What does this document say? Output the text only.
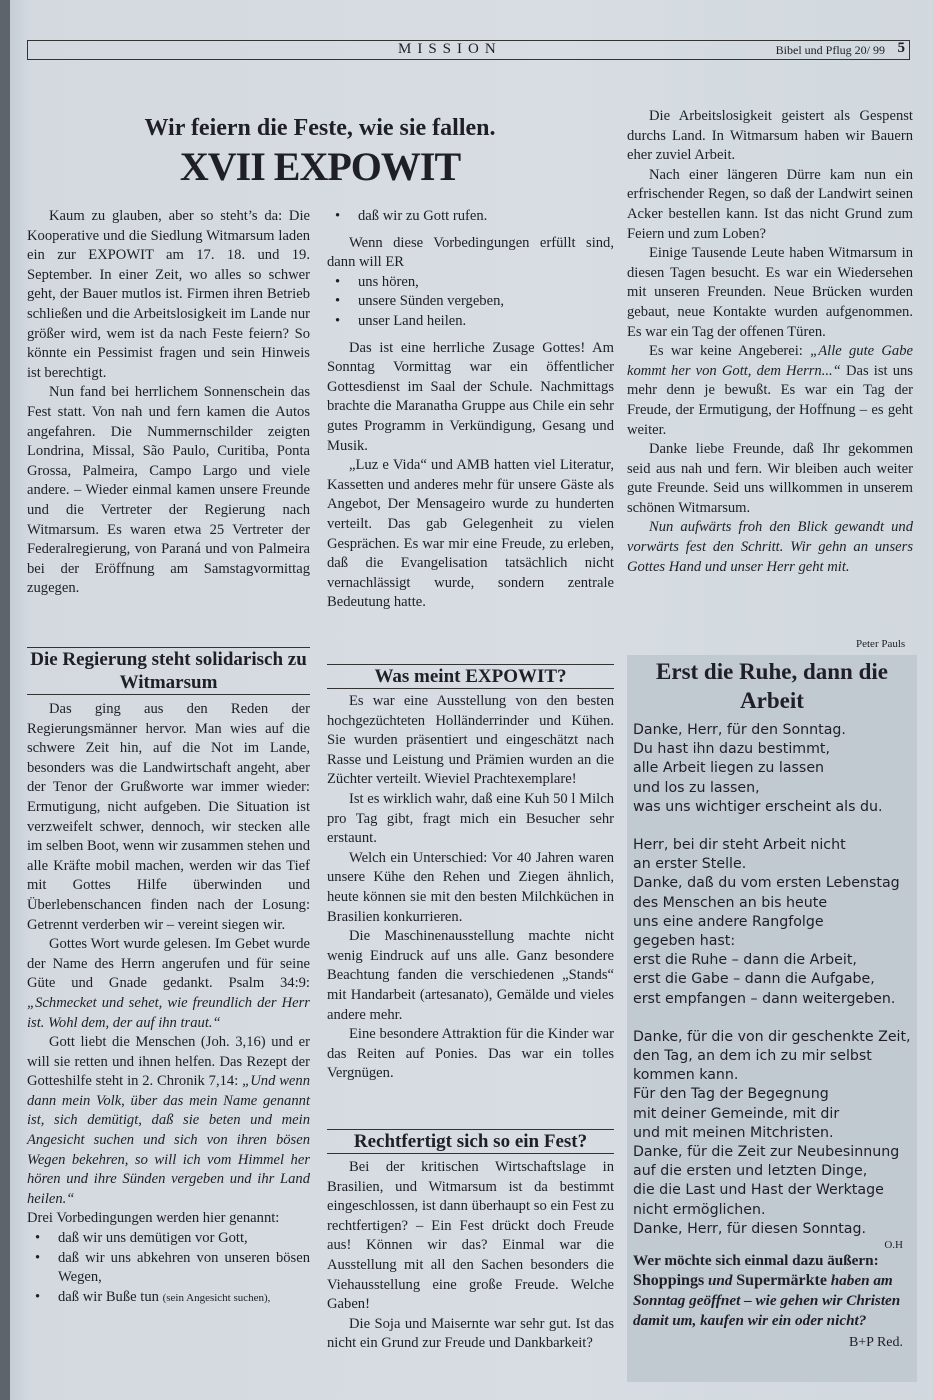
MISSION	Bibel und Pflug 20/ 99 5
Wir feiern die Feste, wie sie fallen.
XVII EXPOWIT

Kaum zu glauben, aber so steht’s da: Die Kooperative und die Siedlung Witmarsum laden ein zur EXPOWIT am 17. 18. und 19. September. In einer Zeit, wo alles so schwer geht, der Bauer mutlos ist. Firmen ihren Betrieb schließen und die Arbeitslosigkeit im Lande nur größer wird, wem ist da nach Feste feiern? So könnte ein Pessimist fragen und sein Hinweis ist berechtigt.

Nun fand bei herrlichem Sonnenschein das Fest statt. Von nah und fern kamen die Autos angefahren. Die Nummernschilder zeigten Londrina, Missal, São Paulo, Curitiba, Ponta Grossa, Palmeira, Campo Largo und viele andere. – Wieder einmal kamen unsere Freunde und die Vertreter der Regierung nach Witmarsum. Es waren etwa 25 Vertreter der Federalregierung, von Paraná und von Palmeira bei der Eröffnung am Samstagvormittag zugegen.

Die Regierung steht solidarisch zu Witmarsum

Das ging aus den Reden der Regierungsmänner hervor. Man wies auf die schwere Zeit hin, auf die Not im Lande, besonders was die Landwirtschaft angeht, aber der Tenor der Grußworte war immer wieder: Ermutigung, nicht aufgeben. Die Situation ist verzweifelt schwer, dennoch, wir stecken alle im selben Boot, wenn wir zusammen stehen und alle Kräfte mobil machen, werden wir das Tief mit Gottes Hilfe überwinden und Überlebenschancen finden nach der Losung: Getrennt verderben wir – vereint siegen wir.

Gottes Wort wurde gelesen. Im Gebet wurde der Name des Herrn angerufen und für seine Güte und Gnade gedankt. Psalm 34:9: „Schmecket und sehet, wie freundlich der Herr ist. Wohl dem, der auf ihn traut.“

Gott liebt die Menschen (Joh. 3,16) und er will sie retten und ihnen helfen. Das Rezept der Gotteshilfe steht in 2. Chronik 7,14: „Und wenn dann mein Volk, über das mein Name genannt ist, sich demütigt, daß sie beten und mein Angesicht suchen und sich von ihren bösen Wegen bekehren, so will ich vom Himmel her hören und ihre Sünden vergeben und ihr Land heilen.“

Drei Vorbedingungen werden hier genannt:

• daß wir uns demütigen vor Gott,
• daß wir uns abkehren von unseren bösen Wegen,
• daß wir Buße tun (sein Angesicht suchen),
• daß wir zu Gott rufen.

Wenn diese Vorbedingungen erfüllt sind, dann will ER

• uns hören,
• unsere Sünden vergeben,
• unser Land heilen.

Das ist eine herrliche Zusage Gottes! Am Sonntag Vormittag war ein öffentlicher Gottesdienst im Saal der Schule. Nachmittags brachte die Maranatha Gruppe aus Chile ein sehr gutes Programm in Verkündigung, Gesang und Musik.

„Luz e Vida“ und AMB hatten viel Literatur, Kassetten und anderes mehr für unsere Gäste als Angebot, Der Mensageiro wurde zu hunderten verteilt. Das gab Gelegenheit zu vielen Gesprächen. Es war mir eine Freude, zu erleben, daß die Evangelisation tatsächlich nicht vernachlässigt wurde, sondern zentrale Bedeutung hatte.

Was meint EXPOWIT?

Es war eine Ausstellung von den besten hochgezüchteten Holländerrinder und Kühen. Sie wurden präsentiert und eingeschätzt nach Rasse und Leistung und Prämien wurden an die Züchter verteilt. Wieviel Prachtexemplare!

Ist es wirklich wahr, daß eine Kuh 50 l Milch pro Tag gibt, fragt mich ein Besucher sehr erstaunt.

Welch ein Unterschied: Vor 40 Jahren waren unsere Kühe den Rehen und Ziegen ähnlich, heute können sie mit den besten Milchküchen in Brasilien konkurrieren.

Die Maschinenausstellung machte nicht wenig Eindruck auf uns alle. Ganz besondere Beachtung fanden die verschiedenen „Stands“ mit Handarbeit (artesanato), Gemälde und vieles andere mehr.

Eine besondere Attraktion für die Kinder war das Reiten auf Ponies. Das war ein tolles Vergnügen.

Rechtfertigt sich so ein Fest?

Bei der kritischen Wirtschaftslage in Brasilien, und Witmarsum ist da bestimmt eingeschlossen, ist dann überhaupt so ein Fest zu rechtfertigen? – Ein Fest drückt doch Freude aus! Können wir das? Einmal war die Ausstellung mit all den Sachen besonders die Viehausstellung eine große Freude. Welche Gaben!

Die Soja und Maisernte war sehr gut. Ist das nicht ein Grund zur Freude und Dankbarkeit?

Die Arbeitslosigkeit geistert als Gespenst durchs Land. In Witmarsum haben wir Bauern eher zuviel Arbeit.

Nach einer längeren Dürre kam nun ein erfrischender Regen, so daß der Landwirt seinen Acker bestellen kann. Ist das nicht Grund zum Feiern und zum Loben?

Einige Tausende Leute haben Witmarsum in diesen Tagen besucht. Es war ein Wiedersehen mit unseren Freunden. Neue Brücken wurden gebaut, neue Kontakte wurden aufgenommen. Es war ein Tag der offenen Türen.

Es war keine Angeberei: „Alle gute Gabe kommt her von Gott, dem Herrn...“ Das ist uns mehr denn je bewußt. Es war ein Tag der Freude, der Ermutigung, der Hoffnung – es geht weiter.

Danke liebe Freunde, daß Ihr gekommen seid aus nah und fern. Wir bleiben auch weiter gute Freunde. Seid uns willkommen in unserem schönen Witmarsum.

Nun aufwärts froh den Blick gewandt und vorwärts fest den Schritt. Wir gehn an unsers Gottes Hand und unser Herr geht mit.

Peter Pauls
Erst die Ruhe, dann die Arbeit
Danke, Herr, für den Sonntag.
Du hast ihn dazu bestimmt,
alle Arbeit liegen zu lassen
und los zu lassen,
was uns wichtiger erscheint als du.
Herr, bei dir steht Arbeit nicht
an erster Stelle.
Danke, daß du vom ersten Lebenstag
des Menschen an bis heute
uns eine andere Rangfolge
gegeben hast:
erst die Ruhe – dann die Arbeit,
erst die Gabe – dann die Aufgabe,
erst empfangen – dann weitergeben.
Danke, für die von dir geschenkte Zeit,
den Tag, an dem ich zu mir selbst
kommen kann.
Für den Tag der Begegnung
mit deiner Gemeinde, mit dir
und mit meinen Mitchristen.
Danke, für die Zeit zur Neubesinnung
auf die ersten und letzten Dinge,
die die Last und Hast der Werktage
nicht ermöglichen.
Danke, Herr, für diesen Sonntag.
O.H
Wer möchte sich einmal dazu äußern:
Shoppings und Supermärkte haben am Sonntag geöffnet – wie gehen wir Christen damit um, kaufen wir ein oder nicht?
B+P Red.
